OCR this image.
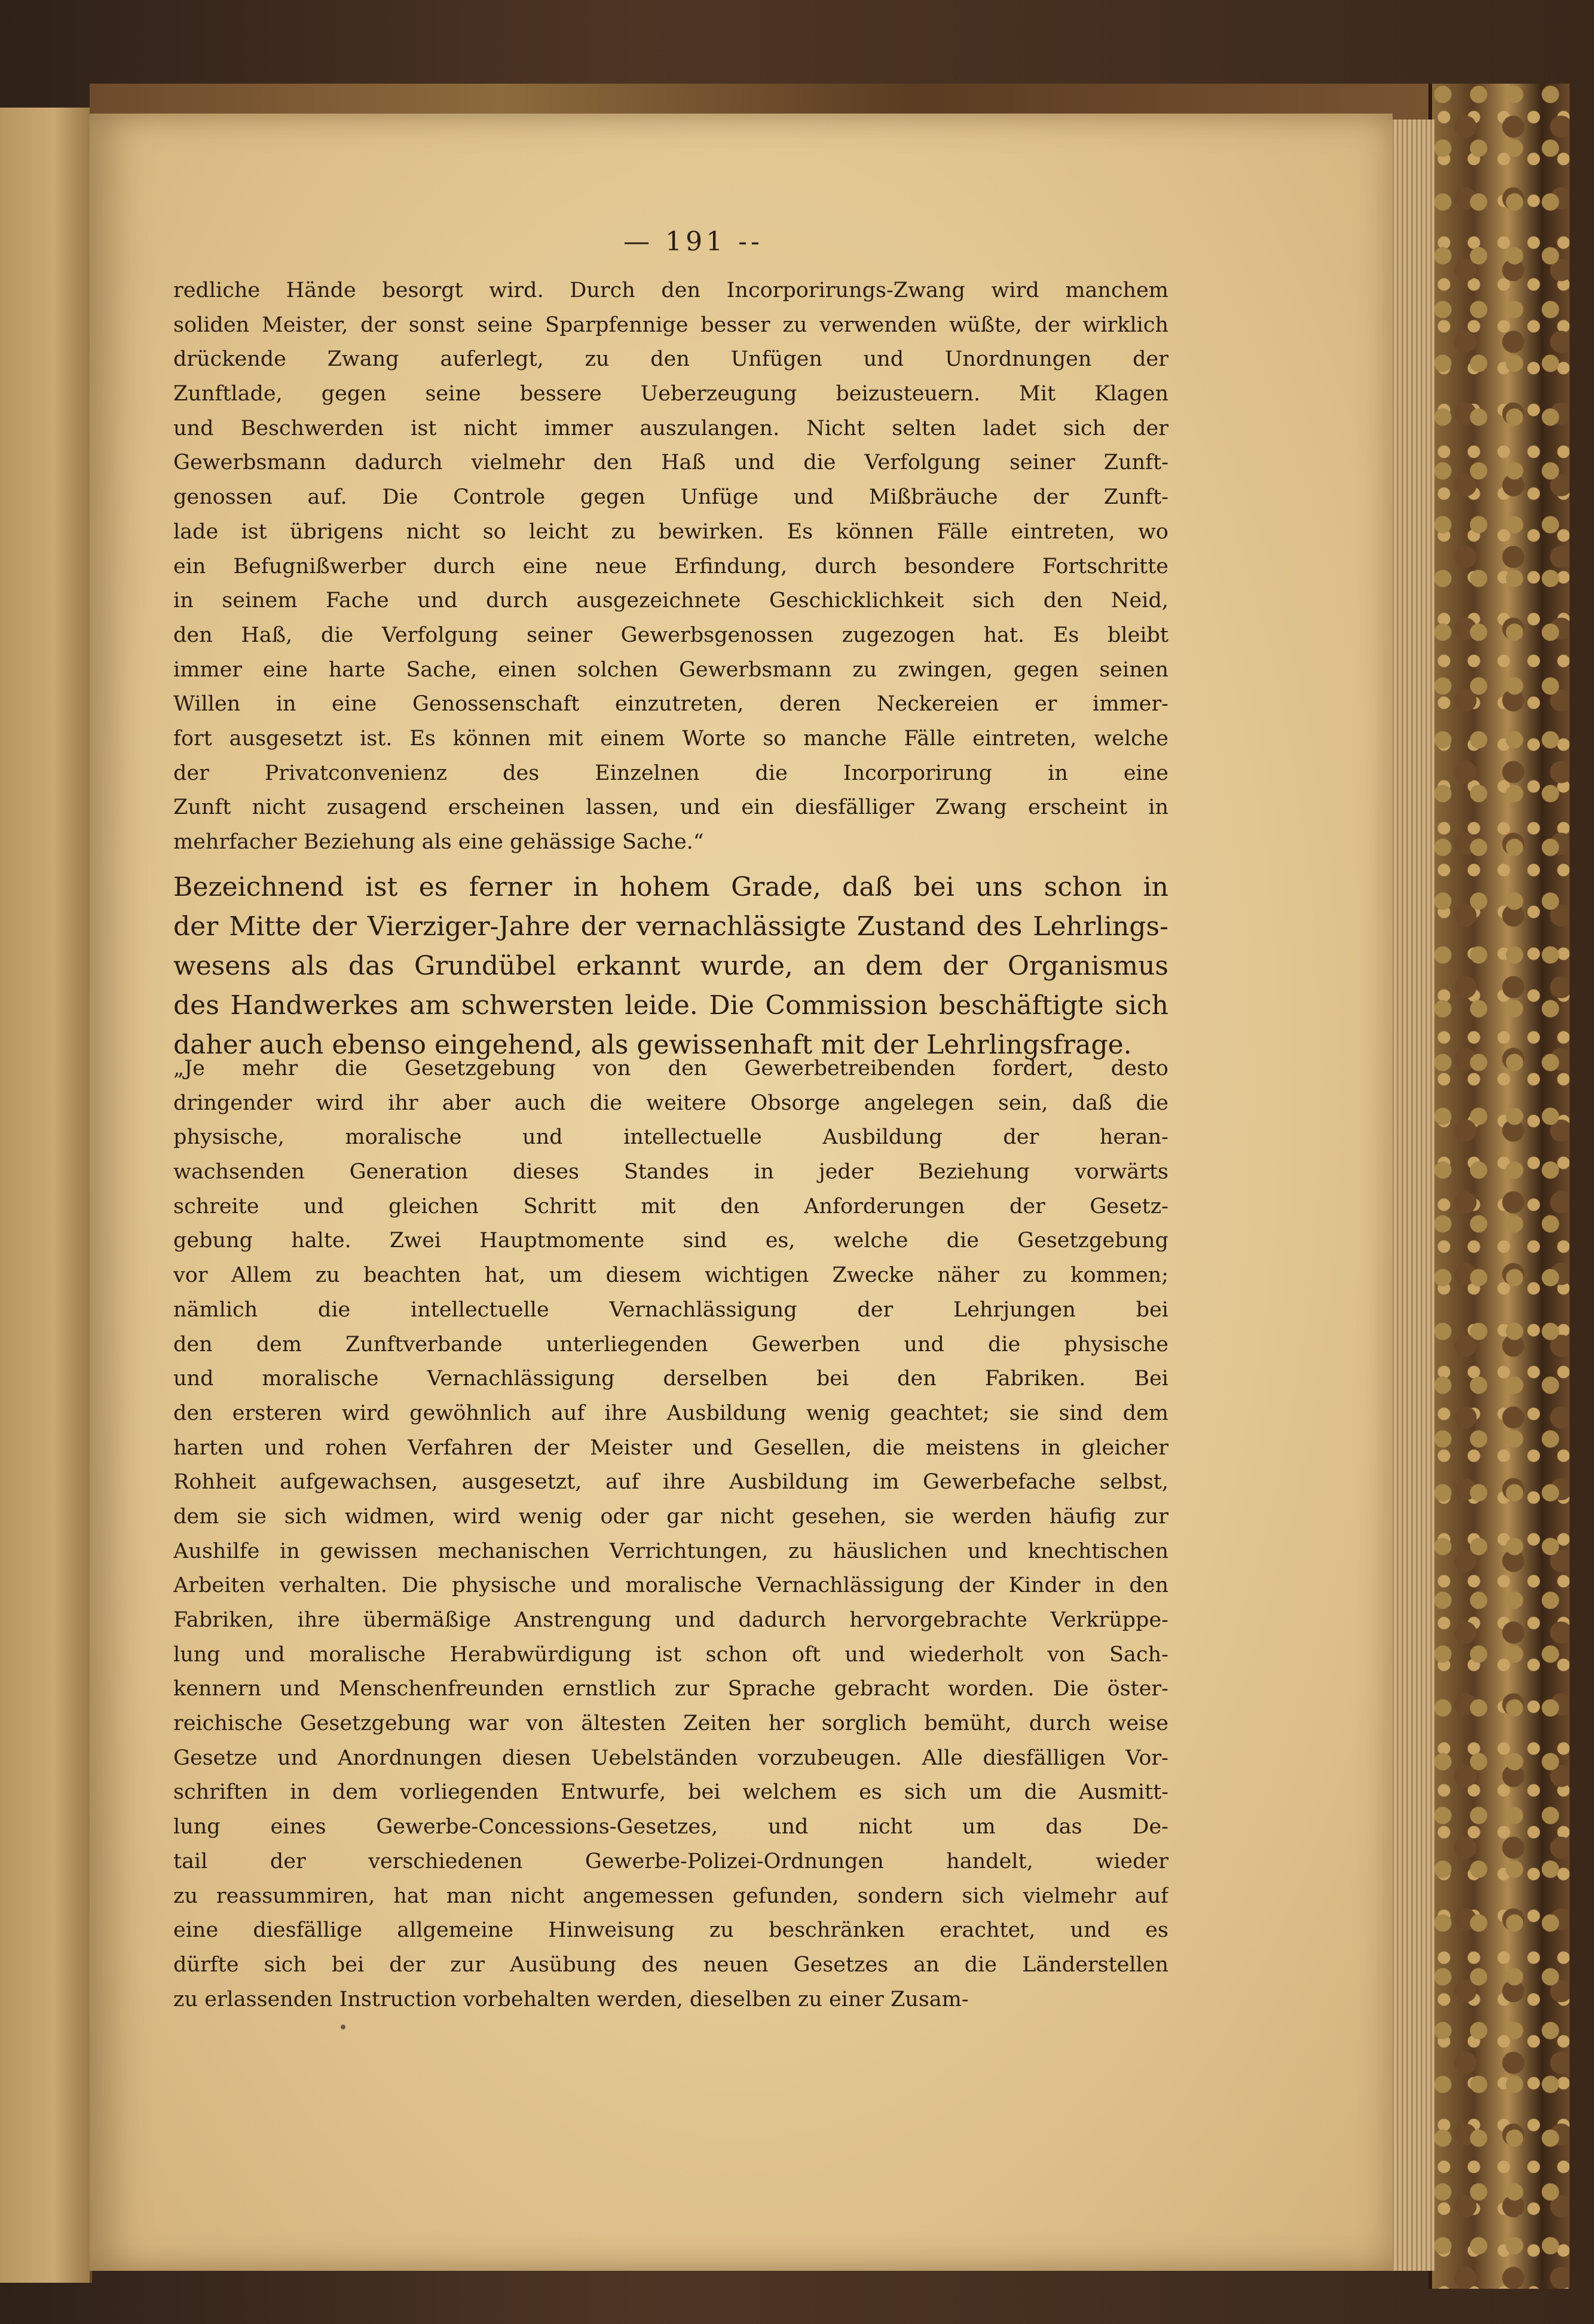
— 191 --
redliche Hände besorgt wird. Durch den Incorporirungs-Zwang wird manchem
soliden Meister, der sonst seine Sparpfennige besser zu verwenden wüßte, der wirklich
drückende Zwang auferlegt, zu den Unfügen und Unordnungen der
Zunftlade, gegen seine bessere Ueberzeugung beizusteuern. Mit Klagen
und Beschwerden ist nicht immer auszulangen. Nicht selten ladet sich der
Gewerbsmann dadurch vielmehr den Haß und die Verfolgung seiner Zunft-
genossen auf. Die Controle gegen Unfüge und Mißbräuche der Zunft-
lade ist übrigens nicht so leicht zu bewirken. Es können Fälle eintreten, wo
ein Befugnißwerber durch eine neue Erfindung, durch besondere Fortschritte
in seinem Fache und durch ausgezeichnete Geschicklichkeit sich den Neid,
den Haß, die Verfolgung seiner Gewerbsgenossen zugezogen hat. Es bleibt
immer eine harte Sache, einen solchen Gewerbsmann zu zwingen, gegen seinen
Willen in eine Genossenschaft einzutreten, deren Neckereien er immer-
fort ausgesetzt ist. Es können mit einem Worte so manche Fälle eintreten, welche
der Privatconvenienz des Einzelnen die Incorporirung in eine
Zunft nicht zusagend erscheinen lassen, und ein diesfälliger Zwang erscheint in
mehrfacher Beziehung als eine gehässige Sache.“
Bezeichnend ist es ferner in hohem Grade, daß bei uns schon in
der Mitte der Vierziger-Jahre der vernachlässigte Zustand des Lehrlings-
wesens als das Grundübel erkannt wurde, an dem der Organismus
des Handwerkes am schwersten leide. Die Commission beschäftigte sich
daher auch ebenso eingehend, als gewissenhaft mit der Lehrlingsfrage.
„Je mehr die Gesetzgebung von den Gewerbetreibenden fordert, desto
dringender wird ihr aber auch die weitere Obsorge angelegen sein, daß die
physische, moralische und intellectuelle Ausbildung der heran-
wachsenden Generation dieses Standes in jeder Beziehung vorwärts
schreite und gleichen Schritt mit den Anforderungen der Gesetz-
gebung halte. Zwei Hauptmomente sind es, welche die Gesetzgebung
vor Allem zu beachten hat, um diesem wichtigen Zwecke näher zu kommen;
nämlich die intellectuelle Vernachlässigung der Lehrjungen bei
den dem Zunftverbande unterliegenden Gewerben und die physische
und moralische Vernachlässigung derselben bei den Fabriken. Bei
den ersteren wird gewöhnlich auf ihre Ausbildung wenig geachtet; sie sind dem
harten und rohen Verfahren der Meister und Gesellen, die meistens in gleicher
Rohheit aufgewachsen, ausgesetzt, auf ihre Ausbildung im Gewerbefache selbst,
dem sie sich widmen, wird wenig oder gar nicht gesehen, sie werden häufig zur
Aushilfe in gewissen mechanischen Verrichtungen, zu häuslichen und knechtischen
Arbeiten verhalten. Die physische und moralische Vernachlässigung der Kinder in den
Fabriken, ihre übermäßige Anstrengung und dadurch hervorgebrachte Verkrüppe-
lung und moralische Herabwürdigung ist schon oft und wiederholt von Sach-
kennern und Menschenfreunden ernstlich zur Sprache gebracht worden. Die öster-
reichische Gesetzgebung war von ältesten Zeiten her sorglich bemüht, durch weise
Gesetze und Anordnungen diesen Uebelständen vorzubeugen. Alle diesfälligen Vor-
schriften in dem vorliegenden Entwurfe, bei welchem es sich um die Ausmitt-
lung eines Gewerbe-Concessions-Gesetzes, und nicht um das De-
tail der verschiedenen Gewerbe-Polizei-Ordnungen handelt, wieder
zu reassummiren, hat man nicht angemessen gefunden, sondern sich vielmehr auf
eine diesfällige allgemeine Hinweisung zu beschränken erachtet, und es
dürfte sich bei der zur Ausübung des neuen Gesetzes an die Länderstellen
zu erlassenden Instruction vorbehalten werden, dieselben zu einer Zusam-
